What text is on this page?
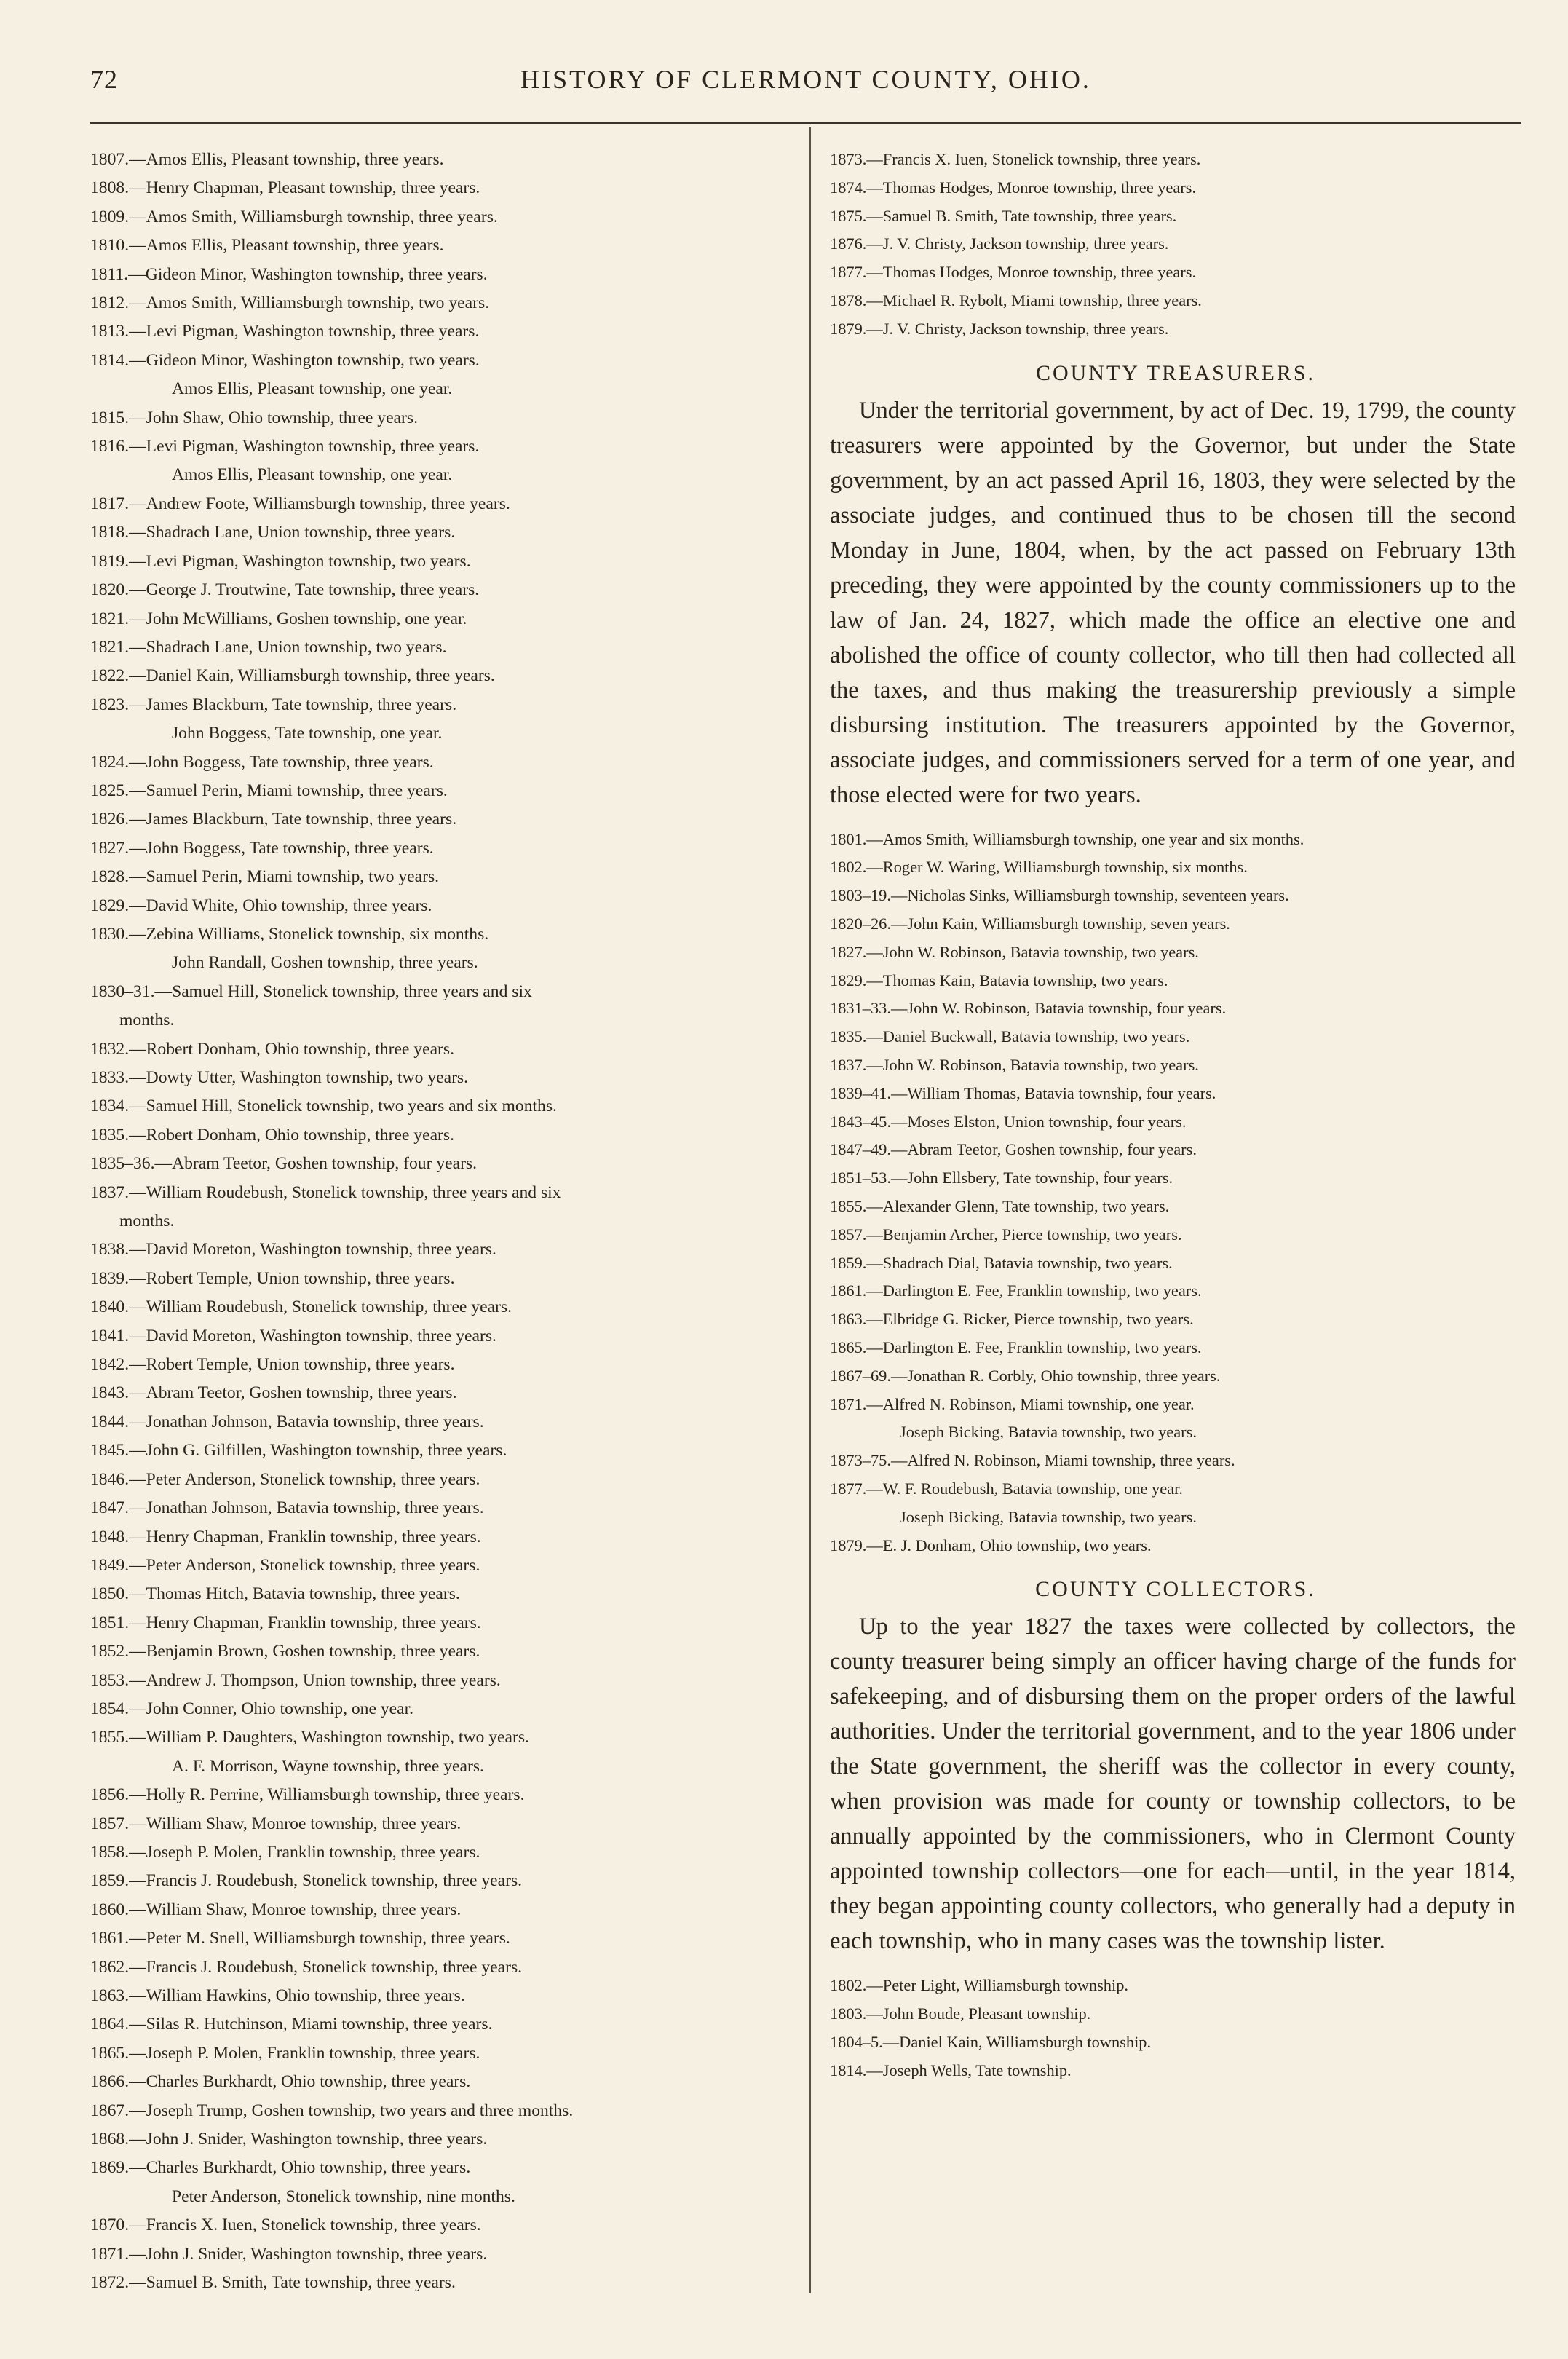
72	HISTORY OF CLERMONT COUNTY, OHIO.
1807.—Amos Ellis, Pleasant township, three years.
1808.—Henry Chapman, Pleasant township, three years.
1809.—Amos Smith, Williamsburgh township, three years.
1810.—Amos Ellis, Pleasant township, three years.
1811.—Gideon Minor, Washington township, three years.
1812.—Amos Smith, Williamsburgh township, two years.
1813.—Levi Pigman, Washington township, three years.
1814.—Gideon Minor, Washington township, two years.
Amos Ellis, Pleasant township, one year.
1815.—John Shaw, Ohio township, three years.
1816.—Levi Pigman, Washington township, three years.
Amos Ellis, Pleasant township, one year.
1817.—Andrew Foote, Williamsburgh township, three years.
1818.—Shadrach Lane, Union township, three years.
1819.—Levi Pigman, Washington township, two years.
1820.—George J. Troutwine, Tate township, three years.
1821.—John McWilliams, Goshen township, one year.
1821.—Shadrach Lane, Union township, two years.
1822.—Daniel Kain, Williamsburgh township, three years.
1823.—James Blackburn, Tate township, three years.
John Boggess, Tate township, one year.
1824.—John Boggess, Tate township, three years.
1825.—Samuel Perin, Miami township, three years.
1826.—James Blackburn, Tate township, three years.
1827.—John Boggess, Tate township, three years.
1828.—Samuel Perin, Miami township, two years.
1829.—David White, Ohio township, three years.
1830.—Zebina Williams, Stonelick township, six months.
John Randall, Goshen township, three years.
1830–31.—Samuel Hill, Stonelick township, three years and six
months.
1832.—Robert Donham, Ohio township, three years.
1833.—Dowty Utter, Washington township, two years.
1834.—Samuel Hill, Stonelick township, two years and six months.
1835.—Robert Donham, Ohio township, three years.
1835–36.—Abram Teetor, Goshen township, four years.
1837.—William Roudebush, Stonelick township, three years and six
months.
1838.—David Moreton, Washington township, three years.
1839.—Robert Temple, Union township, three years.
1840.—William Roudebush, Stonelick township, three years.
1841.—David Moreton, Washington township, three years.
1842.—Robert Temple, Union township, three years.
1843.—Abram Teetor, Goshen township, three years.
1844.—Jonathan Johnson, Batavia township, three years.
1845.—John G. Gilfillen, Washington township, three years.
1846.—Peter Anderson, Stonelick township, three years.
1847.—Jonathan Johnson, Batavia township, three years.
1848.—Henry Chapman, Franklin township, three years.
1849.—Peter Anderson, Stonelick township, three years.
1850.—Thomas Hitch, Batavia township, three years.
1851.—Henry Chapman, Franklin township, three years.
1852.—Benjamin Brown, Goshen township, three years.
1853.—Andrew J. Thompson, Union township, three years.
1854.—John Conner, Ohio township, one year.
1855.—William P. Daughters, Washington township, two years.
A. F. Morrison, Wayne township, three years.
1856.—Holly R. Perrine, Williamsburgh township, three years.
1857.—William Shaw, Monroe township, three years.
1858.—Joseph P. Molen, Franklin township, three years.
1859.—Francis J. Roudebush, Stonelick township, three years.
1860.—William Shaw, Monroe township, three years.
1861.—Peter M. Snell, Williamsburgh township, three years.
1862.—Francis J. Roudebush, Stonelick township, three years.
1863.—William Hawkins, Ohio township, three years.
1864.—Silas R. Hutchinson, Miami township, three years.
1865.—Joseph P. Molen, Franklin township, three years.
1866.—Charles Burkhardt, Ohio township, three years.
1867.—Joseph Trump, Goshen township, two years and three months.
1868.—John J. Snider, Washington township, three years.
1869.—Charles Burkhardt, Ohio township, three years.
Peter Anderson, Stonelick township, nine months.
1870.—Francis X. Iuen, Stonelick township, three years.
1871.—John J. Snider, Washington township, three years.
1872.—Samuel B. Smith, Tate township, three years.
1873.—Francis X. Iuen, Stonelick township, three years.
1874.—Thomas Hodges, Monroe township, three years.
1875.—Samuel B. Smith, Tate township, three years.
1876.—J. V. Christy, Jackson township, three years.
1877.—Thomas Hodges, Monroe township, three years.
1878.—Michael R. Rybolt, Miami township, three years.
1879.—J. V. Christy, Jackson township, three years.
COUNTY TREASURERS.

Under the territorial government, by act of Dec. 19, 1799, the county treasurers were appointed by the Governor, but under the State government, by an act passed April 16, 1803, they were selected by the associate judges, and continued thus to be chosen till the second Monday in June, 1804, when, by the act passed on February 13th preceding, they were appointed by the county commissioners up to the law of Jan. 24, 1827, which made the office an elective one and abolished the office of county collector, who till then had collected all the taxes, and thus making the treasurership previously a simple disbursing institution. The treasurers appointed by the Governor, associate judges, and commissioners served for a term of one year, and those elected were for two years.

1801.—Amos Smith, Williamsburgh township, one year and six months.
1802.—Roger W. Waring, Williamsburgh township, six months.
1803–19.—Nicholas Sinks, Williamsburgh township, seventeen years.
1820–26.—John Kain, Williamsburgh township, seven years.
1827.—John W. Robinson, Batavia township, two years.
1829.—Thomas Kain, Batavia township, two years.
1831–33.—John W. Robinson, Batavia township, four years.
1835.—Daniel Buckwall, Batavia township, two years.
1837.—John W. Robinson, Batavia township, two years.
1839–41.—William Thomas, Batavia township, four years.
1843–45.—Moses Elston, Union township, four years.
1847–49.—Abram Teetor, Goshen township, four years.
1851–53.—John Ellsbery, Tate township, four years.
1855.—Alexander Glenn, Tate township, two years.
1857.—Benjamin Archer, Pierce township, two years.
1859.—Shadrach Dial, Batavia township, two years.
1861.—Darlington E. Fee, Franklin township, two years.
1863.—Elbridge G. Ricker, Pierce township, two years.
1865.—Darlington E. Fee, Franklin township, two years.
1867–69.—Jonathan R. Corbly, Ohio township, three years.
1871.—Alfred N. Robinson, Miami township, one year.
Joseph Bicking, Batavia township, two years.
1873–75.—Alfred N. Robinson, Miami township, three years.
1877.—W. F. Roudebush, Batavia township, one year.
Joseph Bicking, Batavia township, two years.
1879.—E. J. Donham, Ohio township, two years.
COUNTY COLLECTORS.

Up to the year 1827 the taxes were collected by collectors, the county treasurer being simply an officer having charge of the funds for safekeeping, and of disbursing them on the proper orders of the lawful authorities. Under the territorial government, and to the year 1806 under the State government, the sheriff was the collector in every county, when provision was made for county or township collectors, to be annually appointed by the commissioners, who in Clermont County appointed township collectors—one for each—until, in the year 1814, they began appointing county collectors, who generally had a deputy in each township, who in many cases was the township lister.

1802.—Peter Light, Williamsburgh township.
1803.—John Boude, Pleasant township.
1804–5.—Daniel Kain, Williamsburgh township.
1814.—Joseph Wells, Tate township.
